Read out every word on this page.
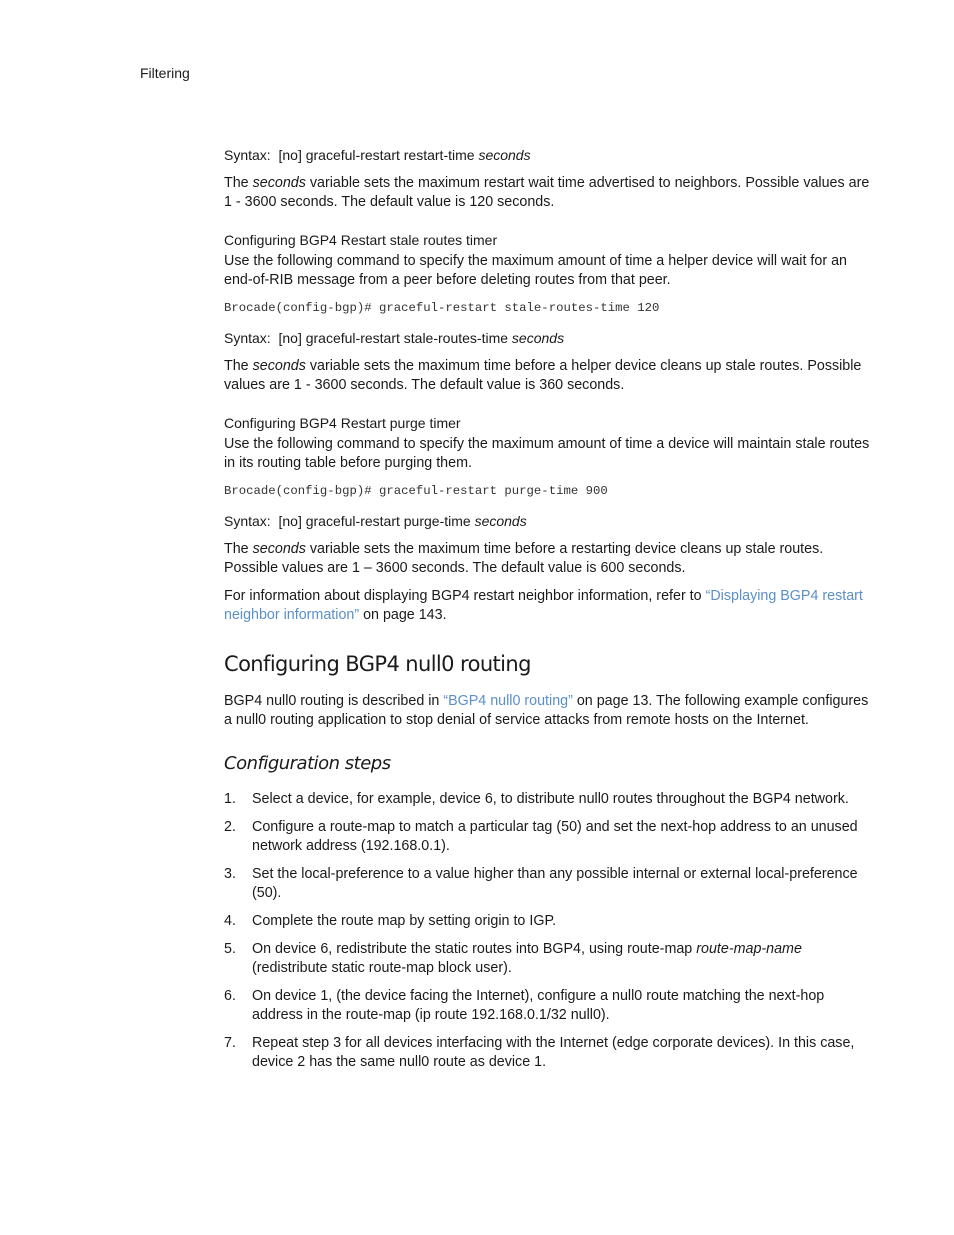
Filtering
Syntax: [no] graceful-restart restart-time seconds

The seconds variable sets the maximum restart wait time advertised to neighbors. Possible values are 1 - 3600 seconds. The default value is 120 seconds.

Configuring BGP4 Restart stale routes timer

Use the following command to specify the maximum amount of time a helper device will wait for an end-of-RIB message from a peer before deleting routes from that peer.

Brocade(config-bgp)# graceful-restart stale-routes-time 120
Syntax: [no] graceful-restart stale-routes-time seconds

The seconds variable sets the maximum time before a helper device cleans up stale routes. Possible values are 1 - 3600 seconds. The default value is 360 seconds.

Configuring BGP4 Restart purge timer

Use the following command to specify the maximum amount of time a device will maintain stale routes in its routing table before purging them.

Brocade(config-bgp)# graceful-restart purge-time 900
Syntax: [no] graceful-restart purge-time seconds

The seconds variable sets the maximum time before a restarting device cleans up stale routes. Possible values are 1 – 3600 seconds. The default value is 600 seconds.

For information about displaying BGP4 restart neighbor information, refer to “Displaying BGP4 restart neighbor information” on page 143.

Configuring BGP4 null0 routing

BGP4 null0 routing is described in “BGP4 null0 routing” on page 13. The following example configures a null0 routing application to stop denial of service attacks from remote hosts on the Internet.

Configuration steps
1. Select a device, for example, device 6, to distribute null0 routes throughout the BGP4 network.
2. Configure a route-map to match a particular tag (50) and set the next-hop address to an unused network address (192.168.0.1).
3. Set the local-preference to a value higher than any possible internal or external local-preference (50).
4. Complete the route map by setting origin to IGP.
5. On device 6, redistribute the static routes into BGP4, using route-map route-map-name (redistribute static route-map block user).
6. On device 1, (the device facing the Internet), configure a null0 route matching the next-hop address in the route-map (ip route 192.168.0.1/32 null0).
7. Repeat step 3 for all devices interfacing with the Internet (edge corporate devices). In this case, device 2 has the same null0 route as device 1.
